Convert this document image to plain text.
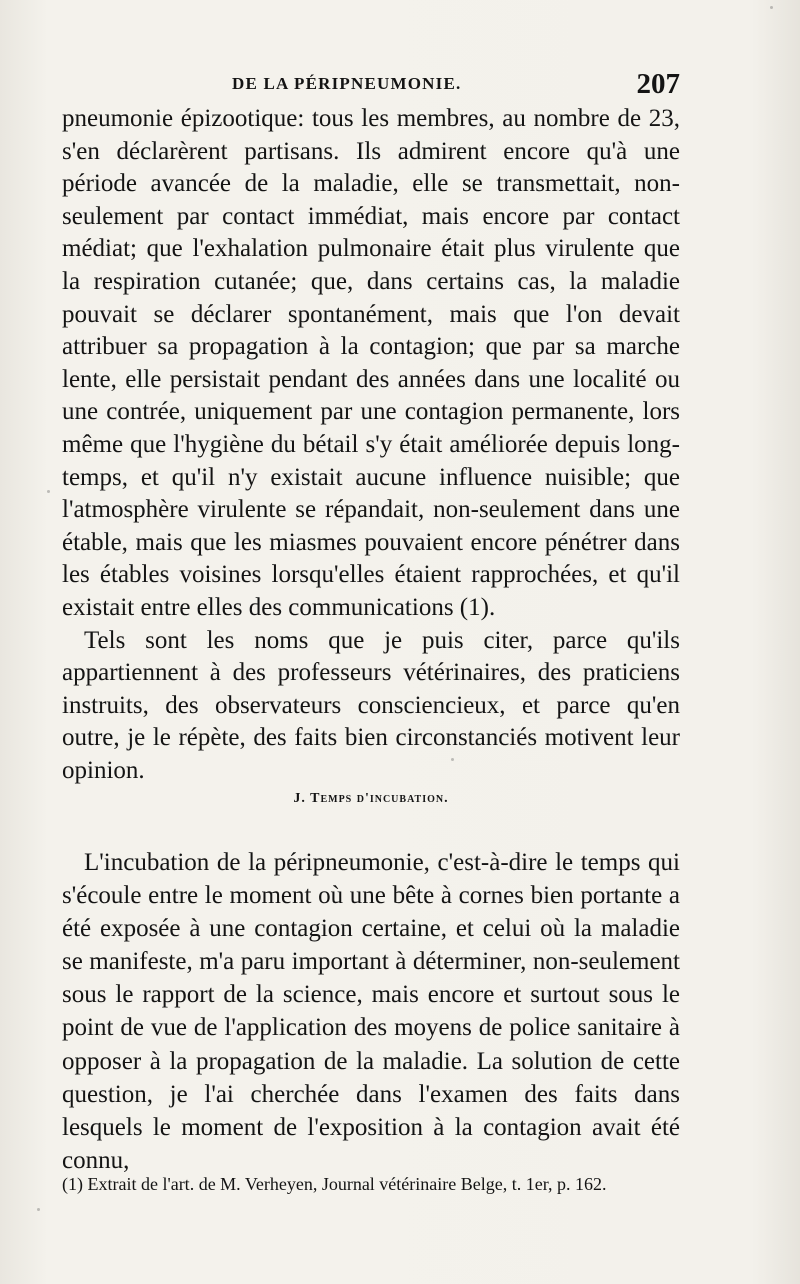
DE LA PÉRIPNEUMONIE.	207

pneumonie épizootique: tous les membres, au nombre de 23, s'en déclarèrent partisans. Ils admirent encore qu'à une période avancée de la maladie, elle se transmettait, non-seulement par contact immédiat, mais encore par contact médiat; que l'exhalation pulmonaire était plus virulente que la respiration cutanée; que, dans certains cas, la maladie pouvait se déclarer spontanément, mais que l'on devait attribuer sa propagation à la contagion; que par sa marche lente, elle persistait pendant des années dans une localité ou une contrée, uniquement par une contagion permanente, lors même que l'hygiène du bétail s'y était améliorée depuis long-temps, et qu'il n'y existait aucune influence nuisible; que l'atmosphère virulente se répandait, non-seulement dans une étable, mais que les miasmes pouvaient encore pénétrer dans les étables voisines lorsqu'elles étaient rapprochées, et qu'il existait entre elles des communications (1).

Tels sont les noms que je puis citer, parce qu'ils appartiennent à des professeurs vétérinaires, des praticiens instruits, des observateurs consciencieux, et parce qu'en outre, je le répète, des faits bien circonstanciés motivent leur opinion.

J. Temps d'incubation.

L'incubation de la péripneumonie, c'est-à-dire le temps qui s'écoule entre le moment où une bête à cornes bien portante a été exposée à une contagion certaine, et celui où la maladie se manifeste, m'a paru important à déterminer, non-seulement sous le rapport de la science, mais encore et surtout sous le point de vue de l'application des moyens de police sanitaire à opposer à la propagation de la maladie. La solution de cette question, je l'ai cherchée dans l'examen des faits dans lesquels le moment de l'exposition à la contagion avait été connu,

(1) Extrait de l'art. de M. Verheyen, Journal vétérinaire Belge, t. 1er, p. 162.
